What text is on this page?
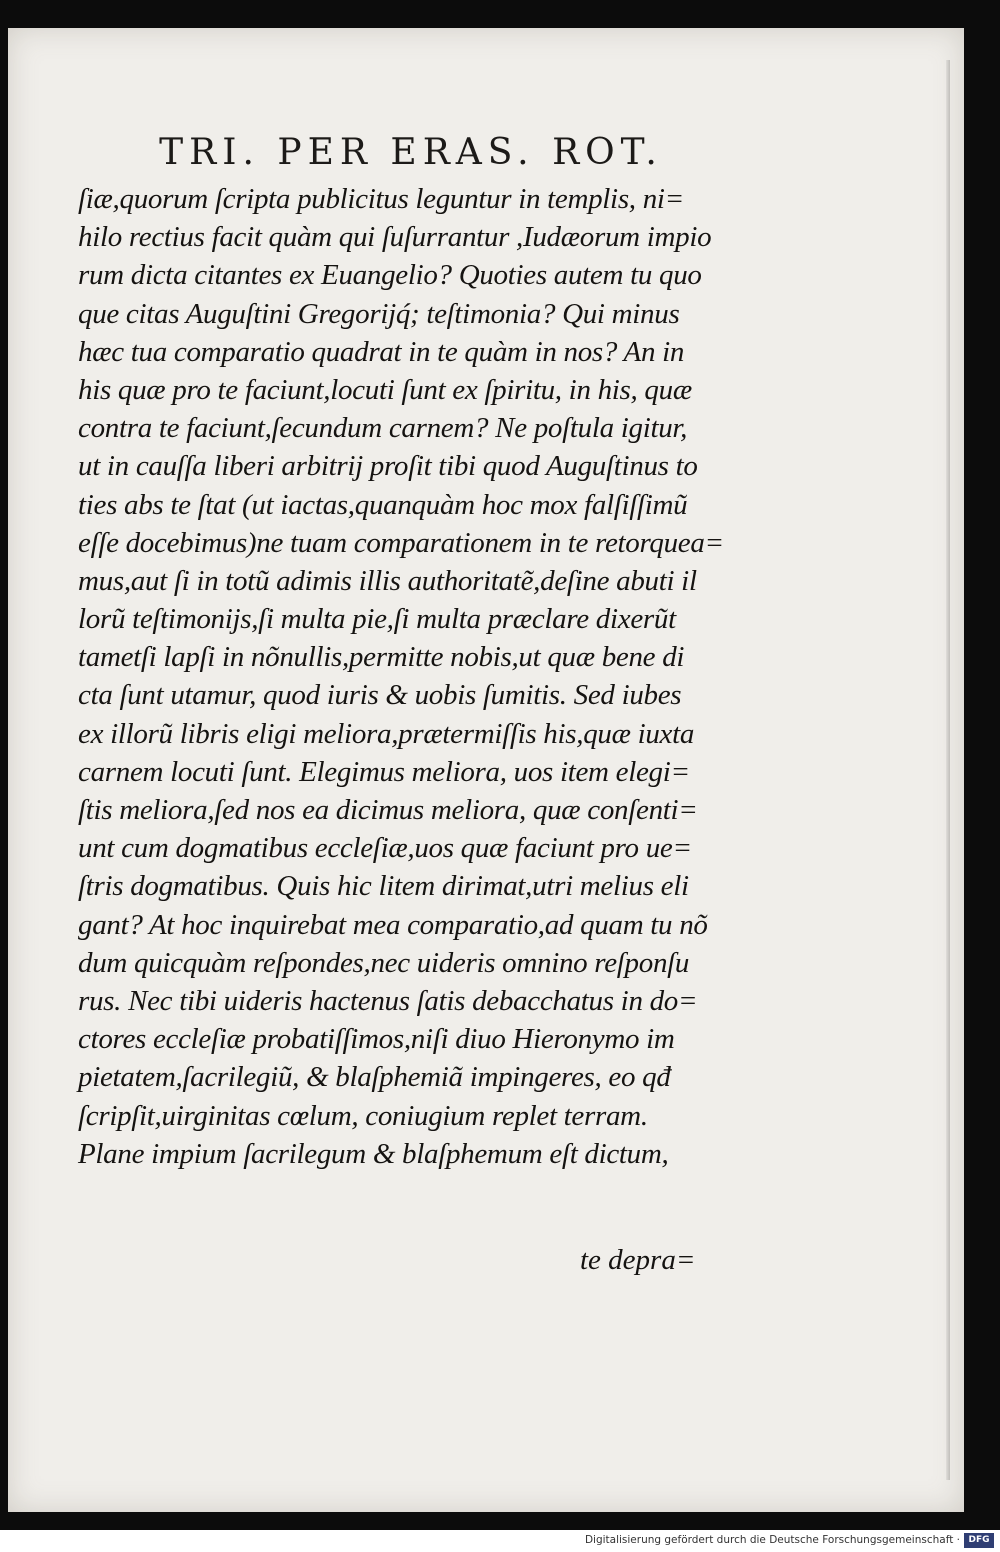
TRI. PER ERAS. ROT.
ſiæ,quorum ſcripta publicitus leguntur in templis, ni=
hilo rectius facit quàm qui ſuſurrantur ,Iudæorum impio
rum dicta citantes ex Euangelio? Quoties autem tu quo
que citas Auguſtini Gregorijq́; teſtimonia? Qui minus
hæc tua comparatio quadrat in te quàm in nos? An in
his quæ pro te faciunt,locuti ſunt ex ſpiritu, in his, quæ
contra te faciunt,ſecundum carnem? Ne poſtula igitur,
ut in cauſſa liberi arbitrij proſit tibi quod Auguſtinus to
ties abs te ſtat (ut iactas,quanquàm hoc mox falſiſſimũ
eſſe docebimus)ne tuam comparationem in te retorquea=
mus,aut ſi in totũ adimis illis authoritatẽ,deſine abuti il
lorũ teſtimonijs,ſi multa pie,ſi multa præclare dixerũt
tametſi lapſi in nõnullis,permitte nobis,ut quæ bene di
cta ſunt utamur, quod iuris & uobis ſumitis. Sed iubes
ex illorũ libris eligi meliora,prætermiſſis his,quæ iuxta
carnem locuti ſunt. Elegimus meliora, uos item elegi=
ſtis meliora,ſed nos ea dicimus meliora, quæ conſenti=
unt cum dogmatibus eccleſiæ,uos quæ faciunt pro ue=
ſtris dogmatibus. Quis hic litem dirimat,utri melius eli
gant? At hoc inquirebat mea comparatio,ad quam tu nõ
dum quicquàm reſpondes,nec uideris omnino reſponſu
rus. Nec tibi uideris hactenus ſatis debacchatus in do=
ctores eccleſiæ probatiſſimos,niſi diuo Hieronymo im
pietatem,ſacrilegiũ, & blaſphemiã impingeres, eo qđ
ſcripſit,uirginitas cœlum, coniugium replet terram.
Plane impium ſacrilegum & blaſphemum eſt dictum,
te depra=
Digitalisierung gefördert durch die Deutsche Forschungsgemeinschaft · DFG
